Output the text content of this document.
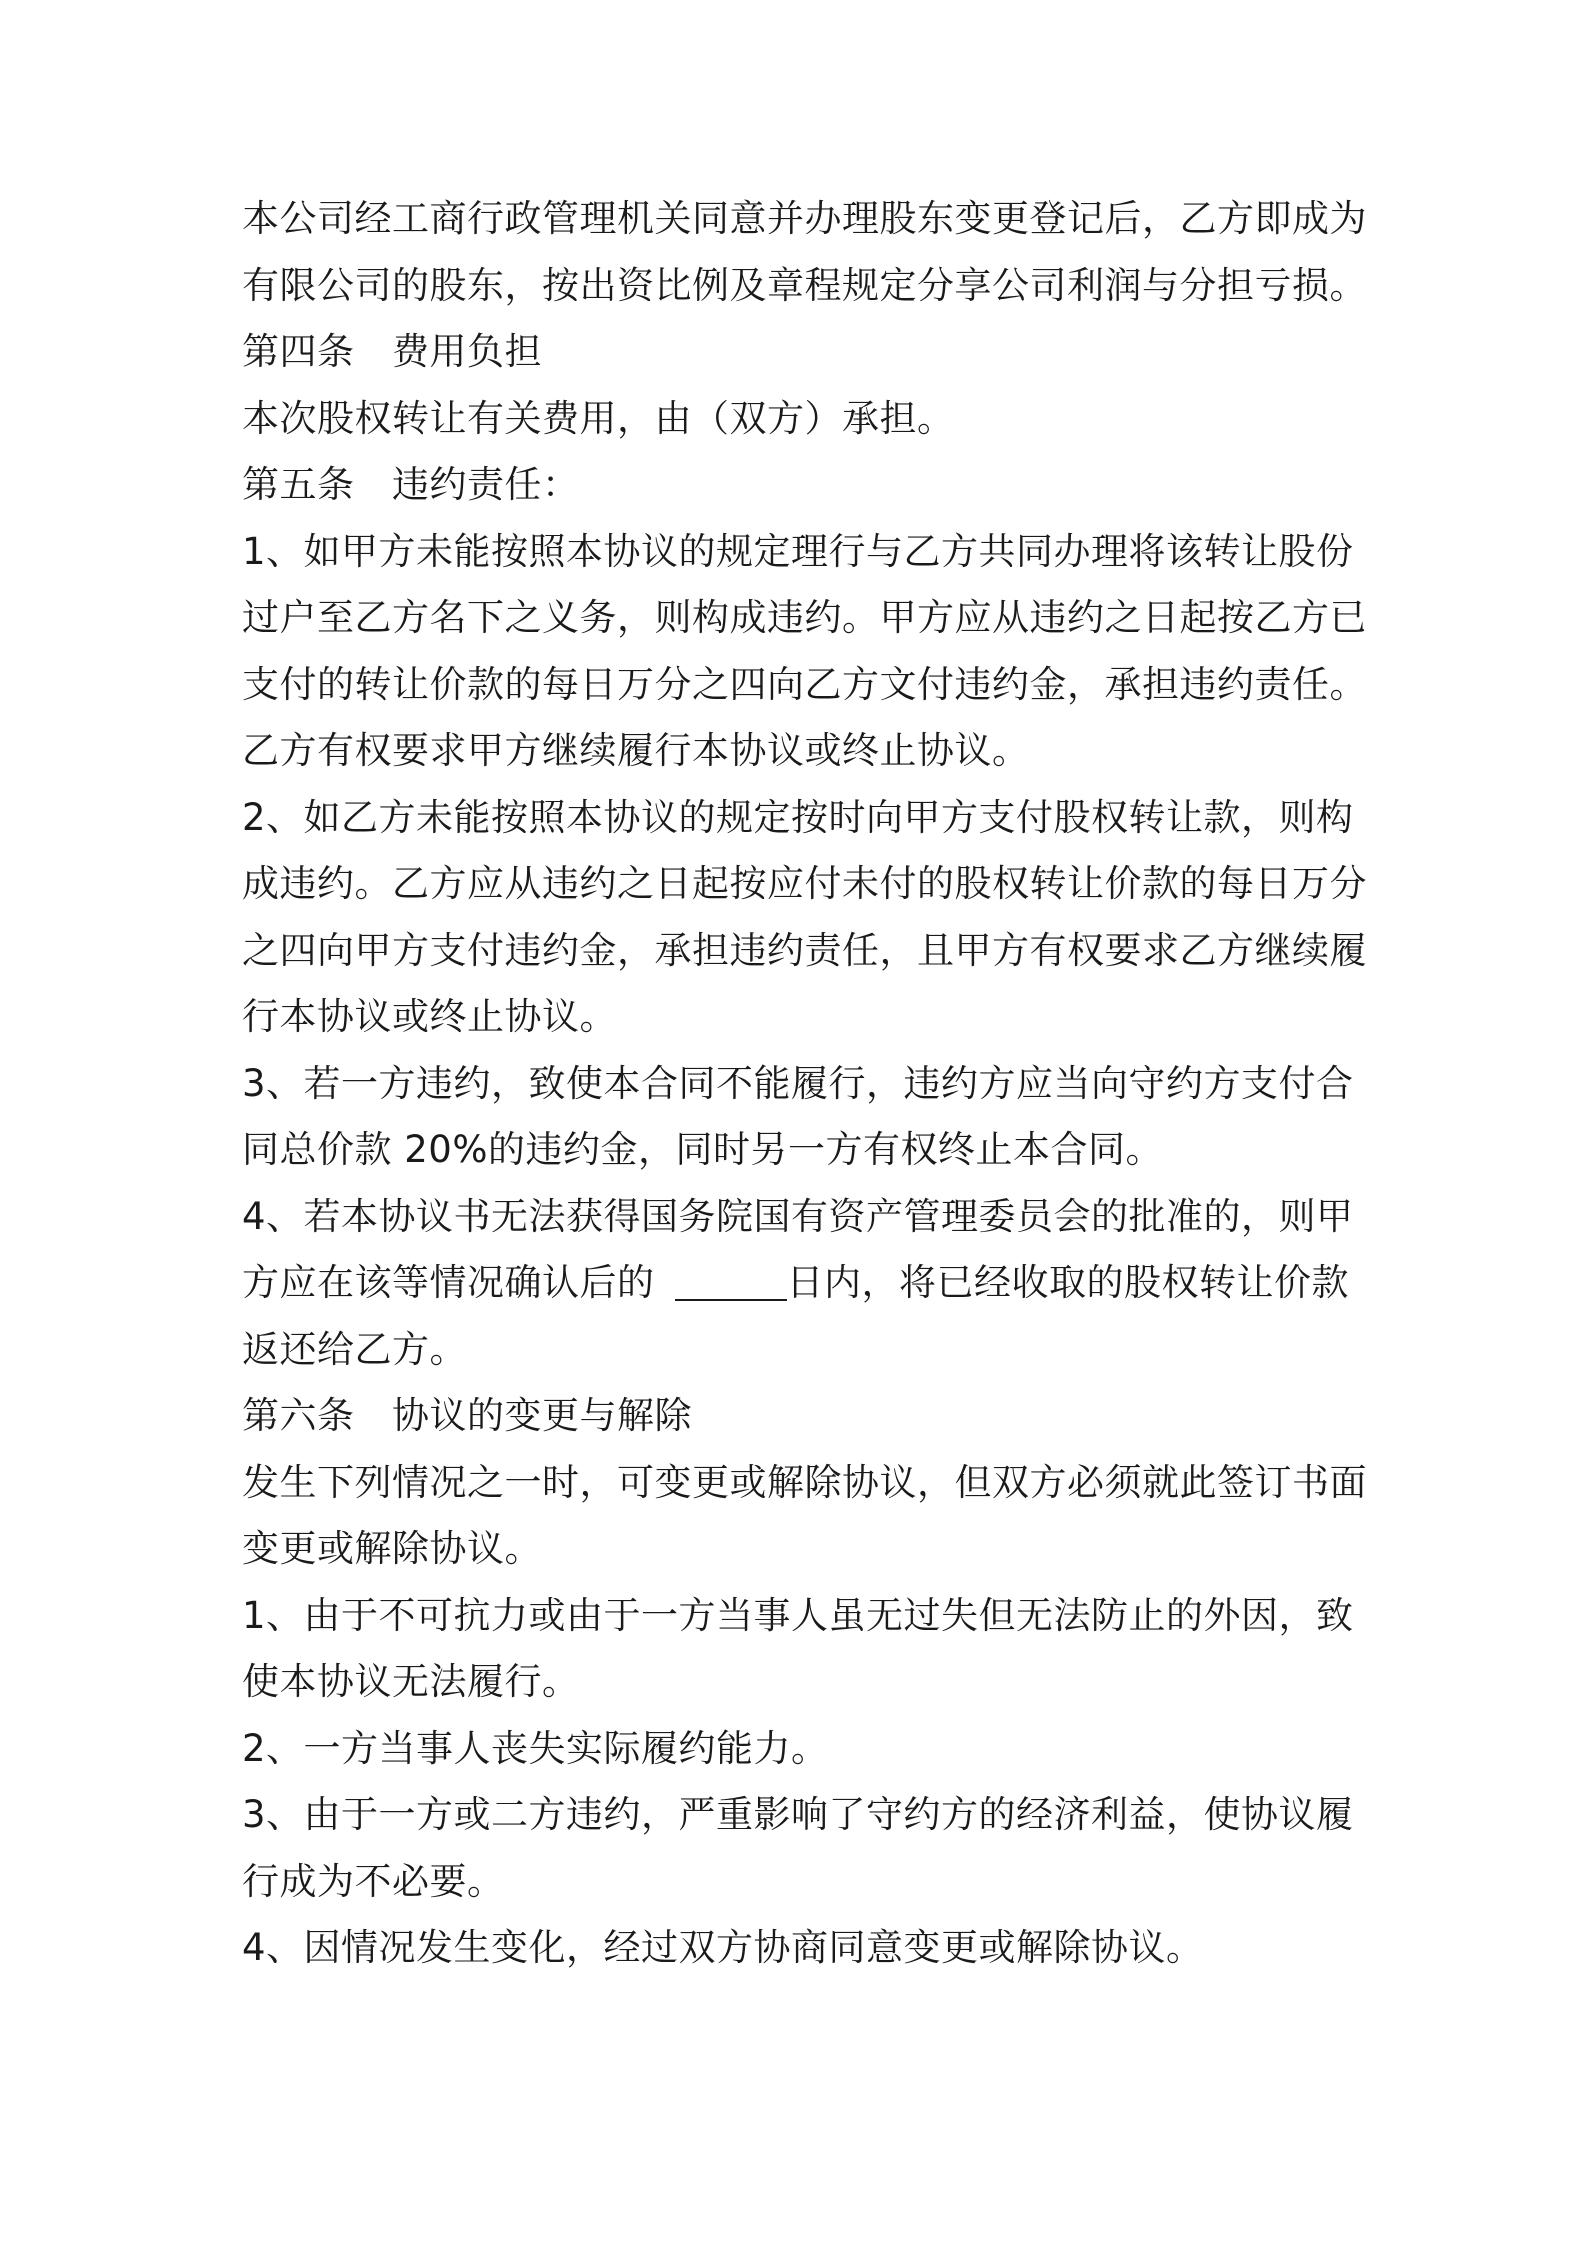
本公司经工商行政管理机关同意并办理股东变更登记后，乙方即成为
有限公司的股东，按出资比例及章程规定分享公司利润与分担亏损。
第四条　费用负担
本次股权转让有关费用，由（双方）承担。
第五条　违约责任：
1、如甲方未能按照本协议的规定理行与乙方共同办理将该转让股份
过户至乙方名下之义务，则构成违约。甲方应从违约之日起按乙方已
支付的转让价款的每日万分之四向乙方文付违约金，承担违约责任。
乙方有权要求甲方继续履行本协议或终止协议。
2、如乙方未能按照本协议的规定按时向甲方支付股权转让款，则构
成违约。乙方应从违约之日起按应付未付的股权转让价款的每日万分
之四向甲方支付违约金，承担违约责任，且甲方有权要求乙方继续履
行本协议或终止协议。
3、若一方违约，致使本合同不能履行，违约方应当向守约方支付合
同总价款 20%的违约金，同时另一方有权终止本合同。
4、若本协议书无法获得国务院国有资产管理委员会的批准的，则甲
方应在该等情况确认后的	日内，将已经收取的股权转让价款
返还给乙方。
第六条　协议的变更与解除
发生下列情况之一时，可变更或解除协议，但双方必须就此签订书面
变更或解除协议。
1、由于不可抗力或由于一方当事人虽无过失但无法防止的外因，致
使本协议无法履行。
2、一方当事人丧失实际履约能力。
3、由于一方或二方违约，严重影响了守约方的经济利益，使协议履
行成为不必要。
4、因情况发生变化，经过双方协商同意变更或解除协议。
